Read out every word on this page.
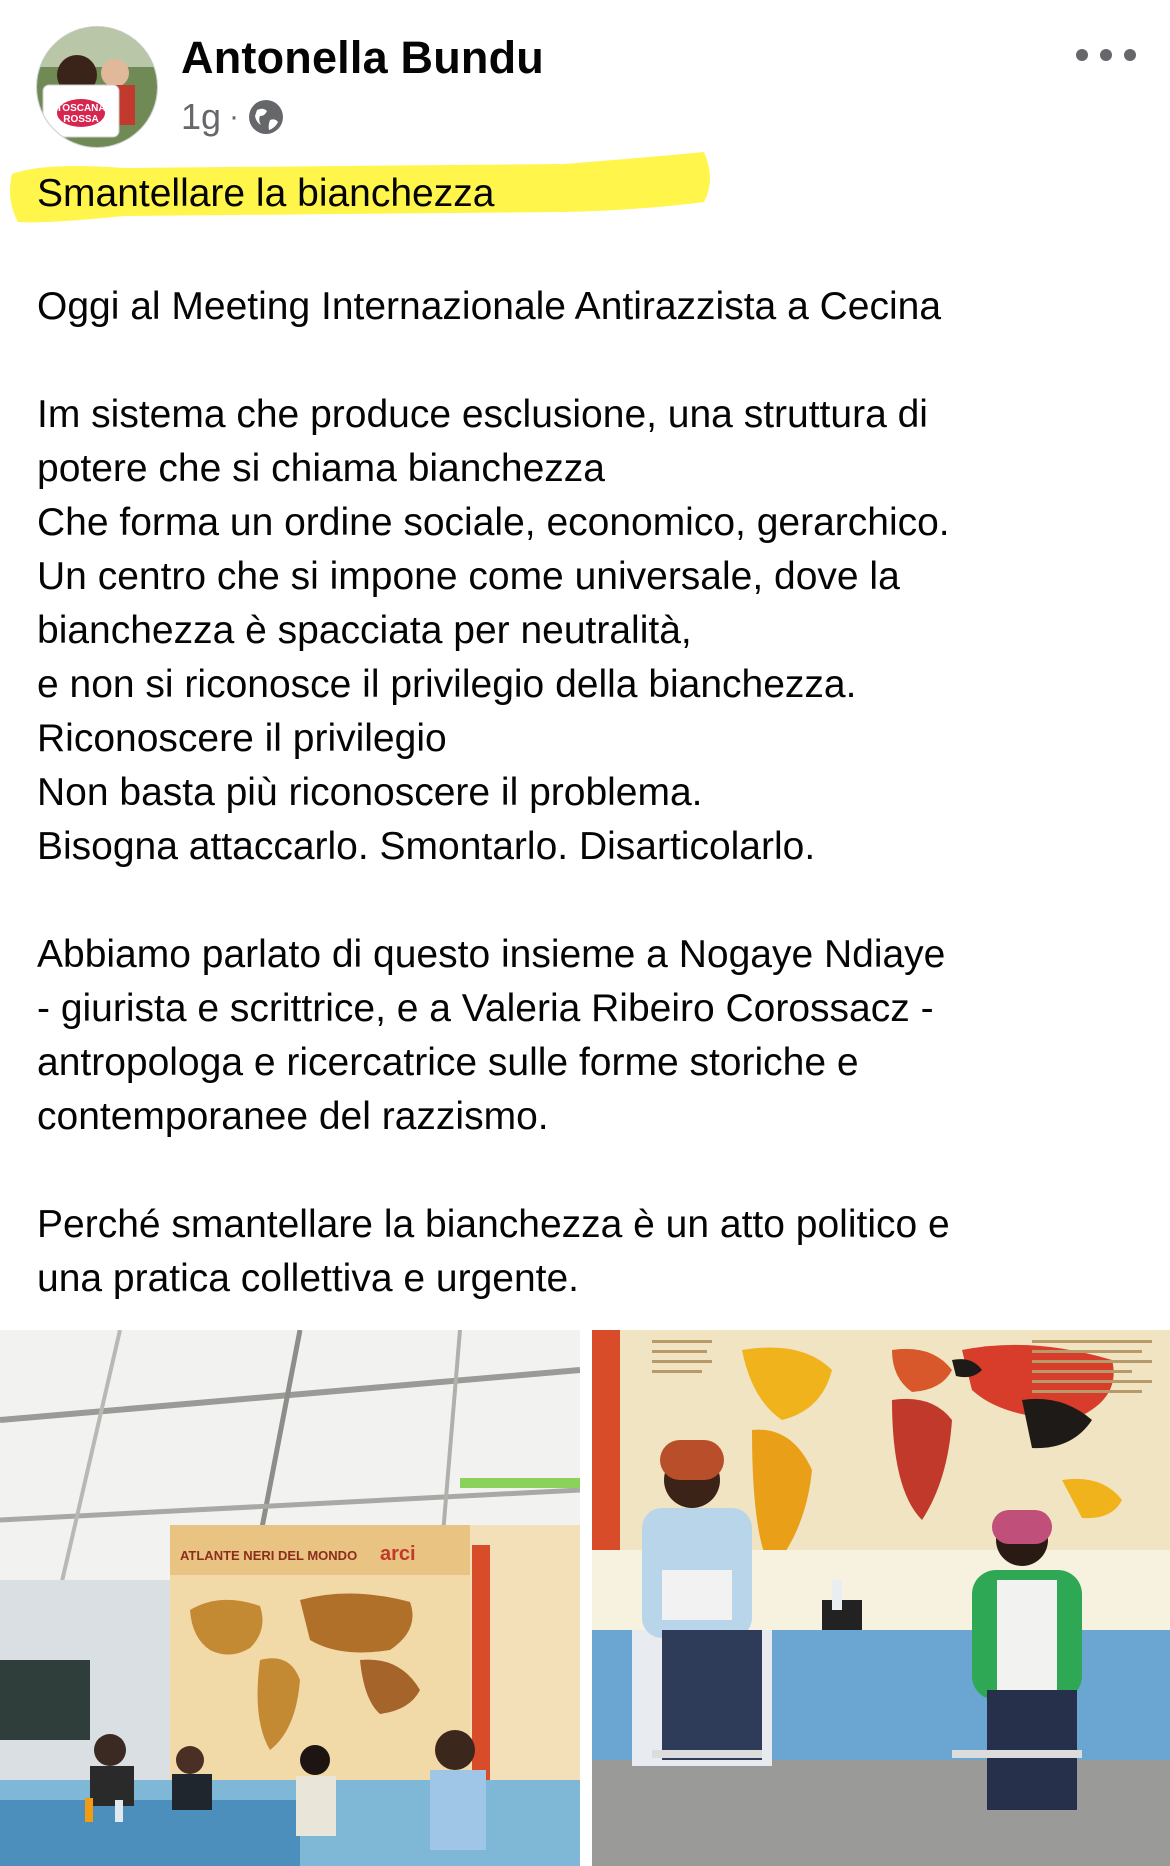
TOSCANA
ROSSA
Antonella Bundu
1g ·
Smantellare la bianchezza

Oggi al Meeting Internazionale Antirazzista a Cecina

Im sistema che produce esclusione, una struttura di

potere che si chiama bianchezza

Che forma un ordine sociale, economico, gerarchico.

Un centro che si impone come universale, dove la

bianchezza è spacciata per neutralità,

e non si riconosce il privilegio della bianchezza.

Riconoscere il privilegio

Non basta più riconoscere il problema.

Bisogna attaccarlo. Smontarlo. Disarticolarlo.

Abbiamo parlato di questo insieme a Nogaye Ndiaye

- giurista e scrittrice, e a Valeria Ribeiro Corossacz -

antropologa e ricercatrice sulle forme storiche e

contemporanee del razzismo.

Perché smantellare la bianchezza è un atto politico e

una pratica collettiva e urgente.

ATLANTE NERI DEL MONDO arci
